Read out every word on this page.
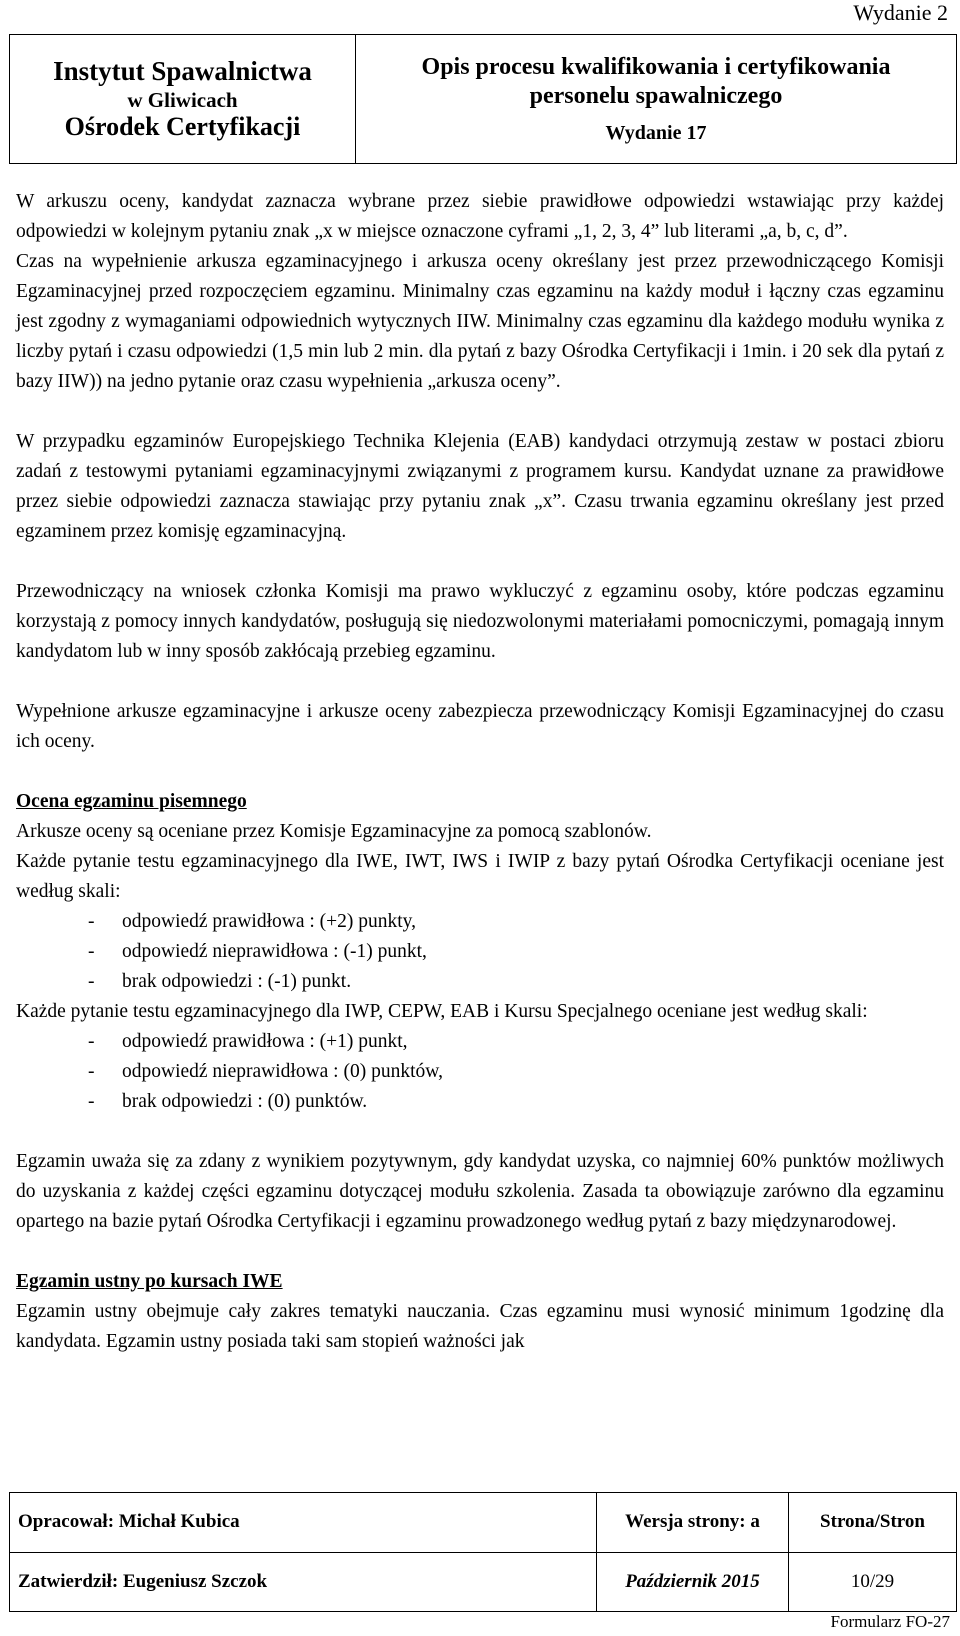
Wydanie 2
Instytut Spawalnictwa
w Gliwicach
Ośrodek Certyfikacji

Opis procesu kwalifikowania i certyfikowania
personelu spawalniczego
Wydanie 17

W arkuszu oceny, kandydat zaznacza wybrane przez siebie prawidłowe odpowiedzi wstawiając przy każdej odpowiedzi w kolejnym pytaniu znak „x w miejsce oznaczone cyframi „1, 2, 3, 4” lub literami „a, b, c, d”.

Czas na wypełnienie arkusza egzaminacyjnego i arkusza oceny określany jest przez przewodniczącego Komisji Egzaminacyjnej przed rozpoczęciem egzaminu. Minimalny czas egzaminu na każdy moduł i łączny czas egzaminu jest zgodny z wymaganiami odpowiednich wytycznych IIW. Minimalny czas egzaminu dla każdego modułu wynika z liczby pytań i czasu odpowiedzi (1,5 min lub 2 min. dla pytań z bazy Ośrodka Certyfikacji i 1min. i 20 sek dla pytań z bazy IIW)) na jedno pytanie oraz czasu wypełnienia „arkusza oceny”.

W przypadku egzaminów Europejskiego Technika Klejenia (EAB) kandydaci otrzymują zestaw w postaci zbioru zadań z testowymi pytaniami egzaminacyjnymi związanymi z programem kursu. Kandydat uznane za prawidłowe przez siebie odpowiedzi zaznacza stawiając przy pytaniu znak „x”. Czasu trwania egzaminu określany jest przed egzaminem przez komisję egzaminacyjną.

Przewodniczący na wniosek członka Komisji ma prawo wykluczyć z egzaminu osoby, które podczas egzaminu korzystają z pomocy innych kandydatów, posługują się niedozwolonymi materiałami pomocniczymi, pomagają innym kandydatom lub w inny sposób zakłócają przebieg egzaminu.

Wypełnione arkusze egzaminacyjne i arkusze oceny zabezpiecza przewodniczący Komisji Egzaminacyjnej do czasu ich oceny.

Ocena egzaminu pisemnego

Arkusze oceny są oceniane przez Komisje Egzaminacyjne za pomocą szablonów.

Każde pytanie testu egzaminacyjnego dla IWE, IWT, IWS i IWIP z bazy pytań Ośrodka Certyfikacji oceniane jest według skali:

- odpowiedź prawidłowa : (+2) punkty,

- odpowiedź nieprawidłowa : (-1) punkt,

- brak odpowiedzi : (-1) punkt.

Każde pytanie testu egzaminacyjnego dla IWP, CEPW, EAB i Kursu Specjalnego oceniane jest według skali:

- odpowiedź prawidłowa : (+1) punkt,

- odpowiedź nieprawidłowa : (0) punktów,

- brak odpowiedzi : (0) punktów.

Egzamin uważa się za zdany z wynikiem pozytywnym, gdy kandydat uzyska, co najmniej 60% punktów możliwych do uzyskania z każdej części egzaminu dotyczącej modułu szkolenia. Zasada ta obowiązuje zarówno dla egzaminu opartego na bazie pytań Ośrodka Certyfikacji i egzaminu prowadzonego według pytań z bazy międzynarodowej.

Egzamin ustny po kursach IWE

Egzamin ustny obejmuje cały zakres tematyki nauczania. Czas egzaminu musi wynosić minimum 1godzinę dla kandydata. Egzamin ustny posiada taki sam stopień ważności jak

Opracował: Michał Kubica	Wersja strony: a	Strona/Stron
Zatwierdził: Eugeniusz Szczok	Październik 2015	10/29
Formularz FO-27
